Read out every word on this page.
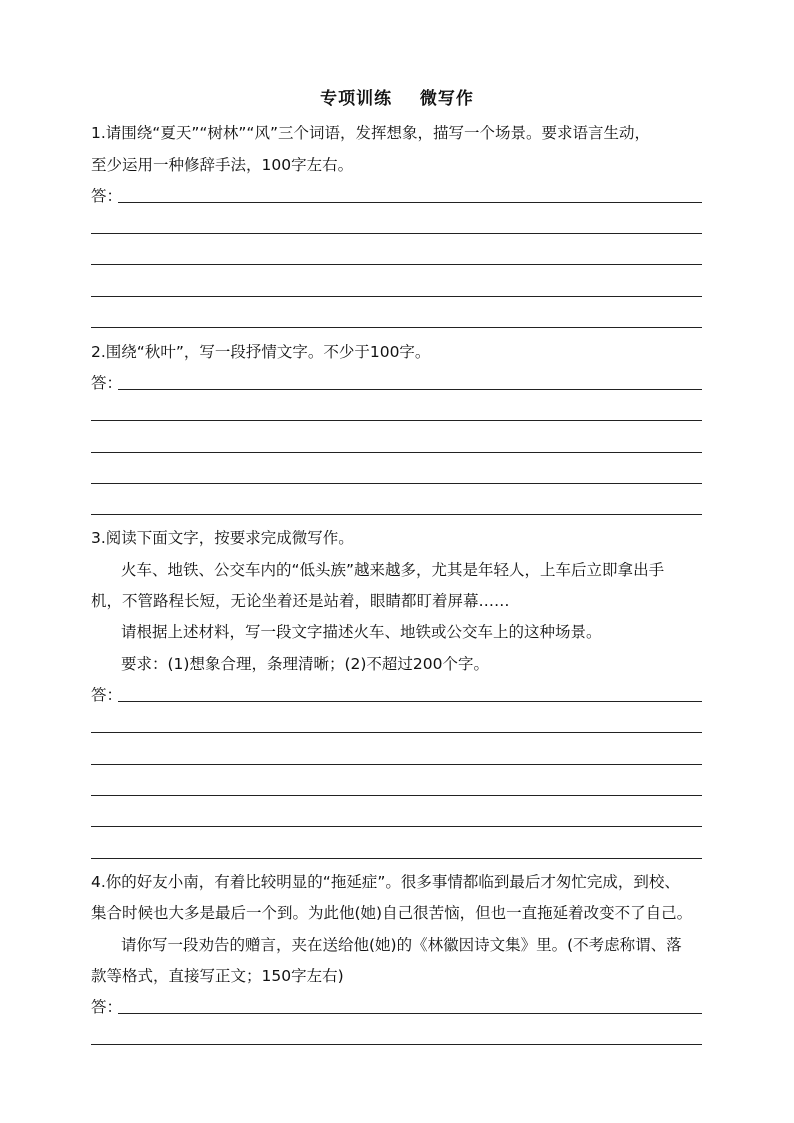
专项训练    微写作
1.请围绕“夏天”“树林”“风”三个词语，发挥想象，描写一个场景。要求语言生动，
至少运用一种修辞手法，100字左右。
答：
2.围绕“秋叶”，写一段抒情文字。不少于100字。
答：
3.阅读下面文字，按要求完成微写作。
火车、地铁、公交车内的“低头族”越来越多，尤其是年轻人，上车后立即拿出手
机，不管路程长短，无论坐着还是站着，眼睛都盯着屏幕……
请根据上述材料，写一段文字描述火车、地铁或公交车上的这种场景。
要求：(1)想象合理，条理清晰；(2)不超过200个字。
答：
4.你的好友小南，有着比较明显的“拖延症”。很多事情都临到最后才匆忙完成，到校、
集合时候也大多是最后一个到。为此他(她)自己很苦恼，但也一直拖延着改变不了自己。
请你写一段劝告的赠言，夹在送给他(她)的《林徽因诗文集》里。(不考虑称谓、落
款等格式，直接写正文；150字左右)
答：
